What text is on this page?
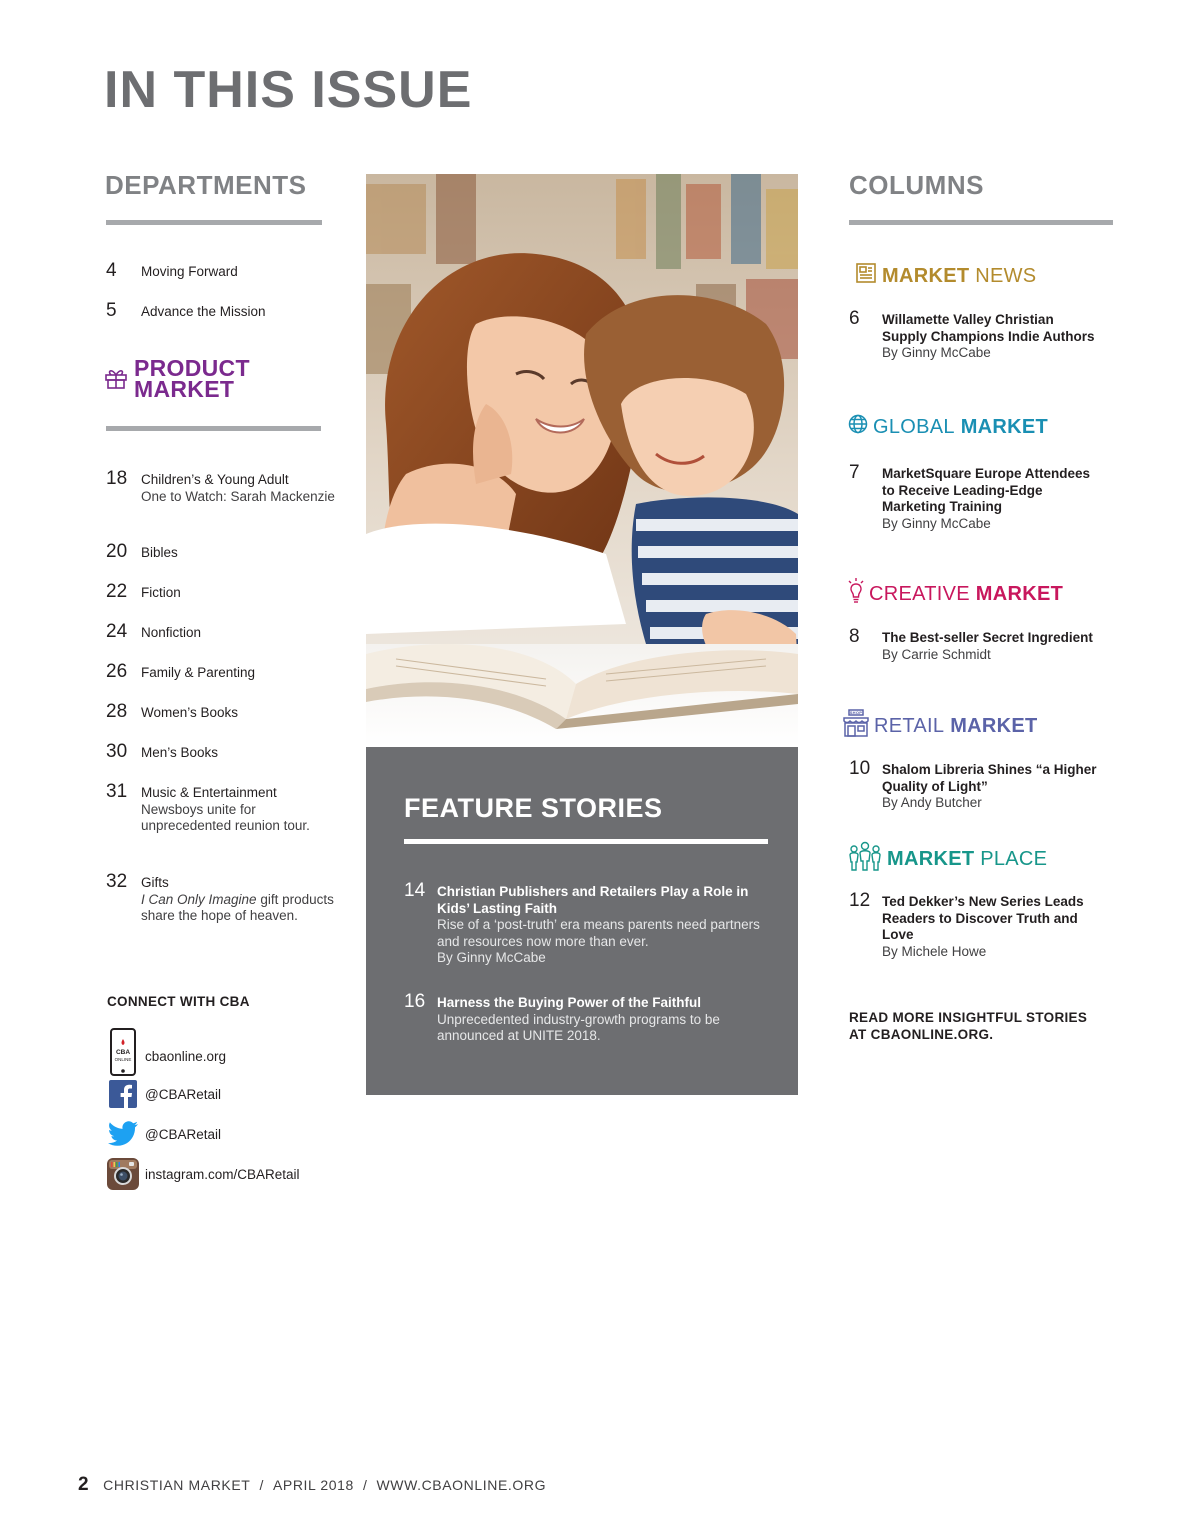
IN THIS ISSUE
DEPARTMENTS
4 Moving Forward
5 Advance the Mission
PRODUCT
MARKET
18 Children’s & Young Adult
One to Watch: Sarah Mackenzie
20 Bibles
22 Fiction
24 Nonfiction
26 Family & Parenting
28 Women’s Books
30 Men’s Books
31 Music & Entertainment
Newsboys unite for unprecedented reunion tour.
32 Gifts
I Can Only Imagine gift products share the hope of heaven.
CONNECT WITH CBA
CBA
ONLINE cbaonline.org
@CBARetail
@CBARetail
instagram.com/CBARetail
FEATURE STORIES
14 Christian Publishers and Retailers Play a Role in Kids’ Lasting Faith
Rise of a ‘post-truth’ era means parents need partners and resources now more than ever.
By Ginny McCabe
16 Harness the Buying Power of the Faithful
Unprecedented industry-growth programs to be announced at UNITE 2018.
COLUMNS
MARKET
NEWS
6 Willamette Valley Christian Supply Champions Indie Authors
By Ginny McCabe
GLOBAL
MARKET
7 MarketSquare Europe Attendees to Receive Leading-Edge Marketing Training
By Ginny McCabe
CREATIVE
MARKET
8 The Best-seller Secret Ingredient
By Carrie Schmidt
SHOP
RETAIL
MARKET
10 Shalom Libreria Shines “a Higher Quality of Light”
By Andy Butcher
MARKET
PLACE
12 Ted Dekker’s New Series Leads Readers to Discover Truth and Love
By Michele Howe
READ MORE INSIGHTFUL STORIES AT CBAONLINE.ORG.
2 CHRISTIAN MARKET / APRIL 2018 / WWW.CBAONLINE.ORG
